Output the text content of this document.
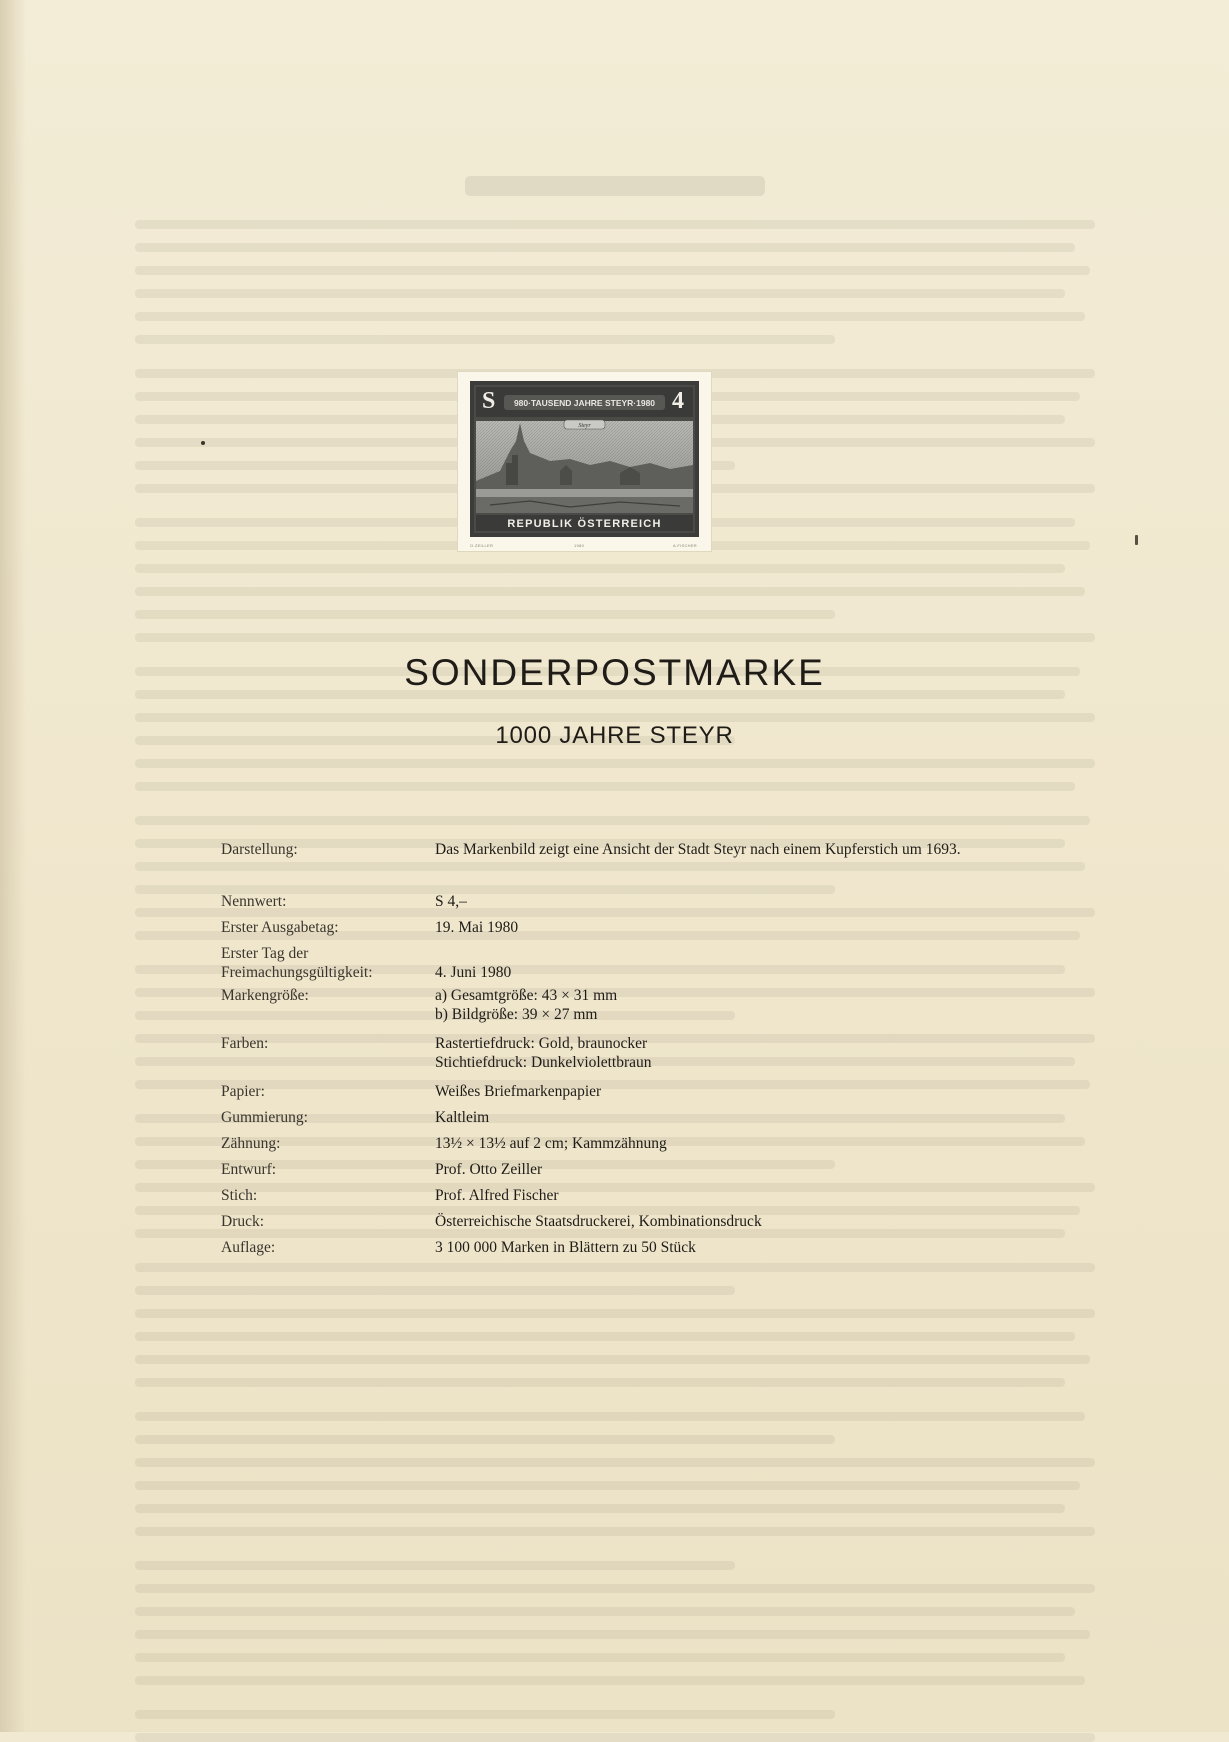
980·TAUSEND JAHRE STEYR·1980
S	4
Steyr
REPUBLIK ÖSTERREICH
O.ZEILLER	1980	A.FISCHER
SONDERPOSTMARKE
1000 JAHRE STEYR
Darstellung:	Das Markenbild zeigt eine Ansicht der Stadt Steyr nach einem Kupferstich um 1693.
Nennwert:	S 4,–
Erster Ausgabetag:	19. Mai 1980
Erster Tag der
Freimachungsgültigkeit:
	4. Juni 1980
Markengröße:	a) Gesamtgröße: 43 × 31 mm
b) Bildgröße: 39 × 27 mm
Farben:	Rastertiefdruck: Gold, braunocker
Stichtiefdruck: Dunkelviolettbraun
Papier:	Weißes Briefmarkenpapier
Gummierung:	Kaltleim
Zähnung:	13½ × 13½ auf 2 cm; Kammzähnung
Entwurf:	Prof. Otto Zeiller
Stich:	Prof. Alfred Fischer
Druck:	Österreichische Staatsdruckerei, Kombinationsdruck
Auflage:	3 100 000 Marken in Blättern zu 50 Stück
